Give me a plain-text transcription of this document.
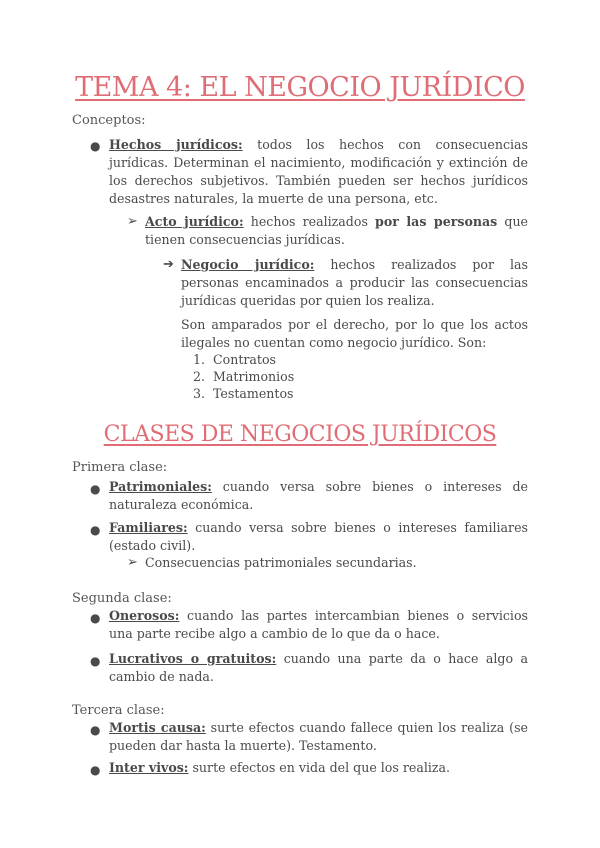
TEMA 4: EL NEGOCIO JURÍDICO
Conceptos:
● Hechos jurídicos: todos los hechos con consecuencias jurídicas. Determinan el nacimiento, modificación y extinción de los derechos subjetivos. También pueden ser hechos jurídicos desastres naturales, la muerte de una persona, etc.

➢ Acto jurídico: hechos realizados por las personas que tienen consecuencias jurídicas.

➔ Negocio jurídico: hechos realizados por las personas encaminados a producir las consecuencias jurídicas queridas por quien los realiza.

Son amparados por el derecho, por lo que los actos ilegales no cuentan como negocio jurídico. Son:

1. Contratos
2. Matrimonios
3. Testamentos
CLASES DE NEGOCIOS JURÍDICOS
Primera clase:
● Patrimoniales: cuando versa sobre bienes o intereses de naturaleza económica.

● Familiares: cuando versa sobre bienes o intereses familiares (estado civil).

➢ Consecuencias patrimoniales secundarias.

Segunda clase:
● Onerosos: cuando las partes intercambian bienes o servicios una parte recibe algo a cambio de lo que da o hace.

● Lucrativos o gratuitos: cuando una parte da o hace algo a cambio de nada.

Tercera clase:
● Mortis causa: surte efectos cuando fallece quien los realiza (se pueden dar hasta la muerte). Testamento.

● Inter vivos: surte efectos en vida del que los realiza.
